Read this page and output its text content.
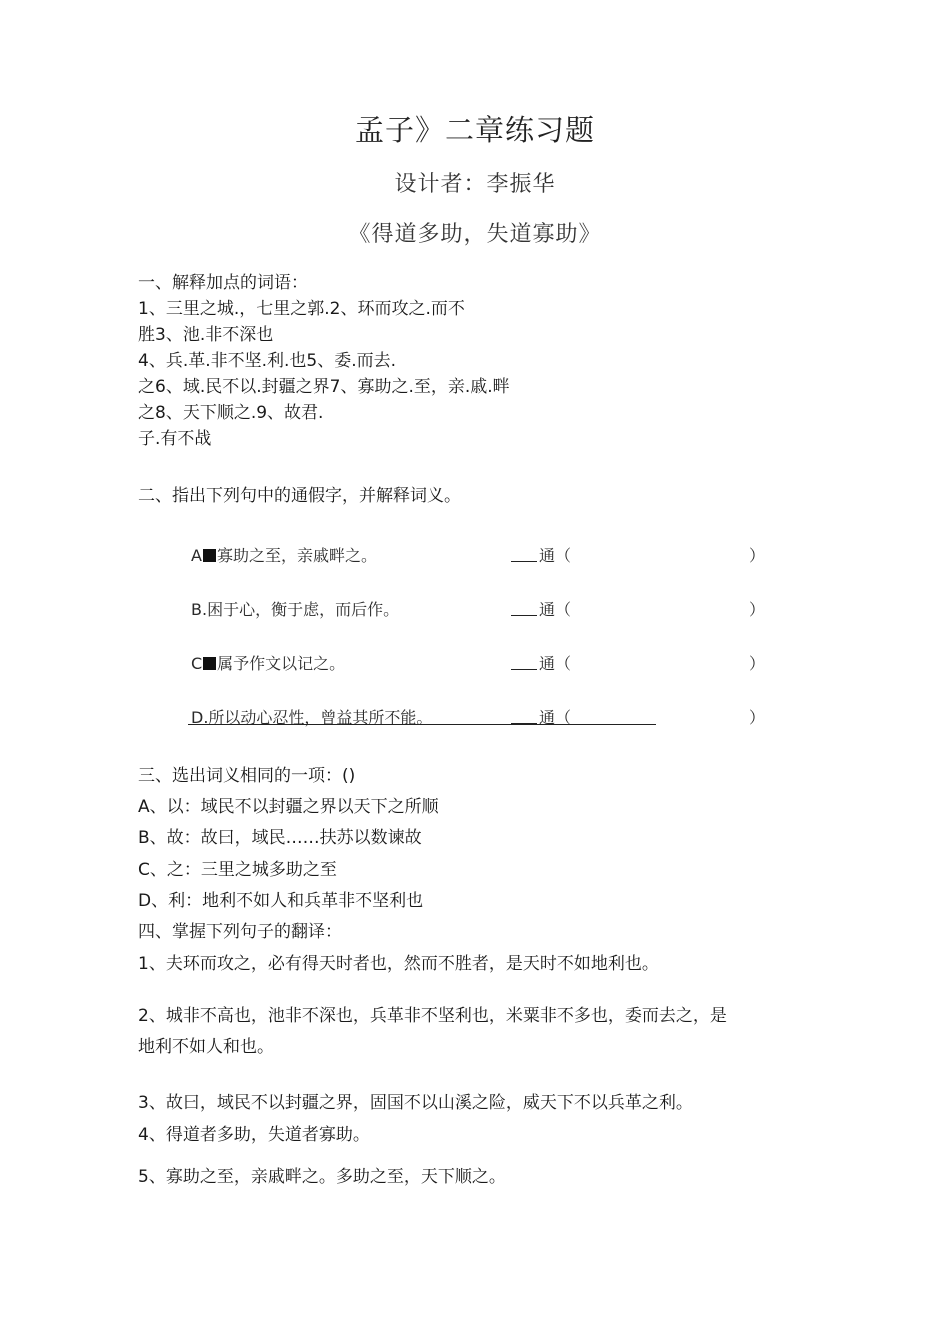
孟子》二章练习题
设计者：李振华
《得道多助，失道寡助》
一、解释加点的词语：
1、三里之城.，七里之郭.2、环而攻之.而不
胜3、池.非不深也
4、兵.革.非不坚.利.也5、委.而去.
之6、域.民不以.封疆之界7、寡助之.至，亲.戚.畔
之8、天下顺之.9、故君.
子.有不战
二、指出下列句中的通假字，并解释词义。
A 寡助之至，亲戚畔之。	通（	）
B.困于心，衡于虑，而后作。	通（	）
C 属予作文以记之。	通（	）
D.所以动心忍性，曾益其所不能。	通（	）
三、选出词义相同的一项：()
A、以：域民不以封疆之界以天下之所顺
B、故：故曰，域民……扶苏以数谏故
C、之：三里之城多助之至
D、利：地利不如人和兵革非不坚利也
四、掌握下列句子的翻译：
1、夫环而攻之，必有得天时者也，然而不胜者，是天时不如地利也。
2、城非不高也，池非不深也，兵革非不坚利也，米粟非不多也，委而去之，是
地利不如人和也。
3、故曰，域民不以封疆之界，固国不以山溪之险，威天下不以兵革之利。
4、得道者多助，失道者寡助。
5、寡助之至，亲戚畔之。多助之至，天下顺之。
